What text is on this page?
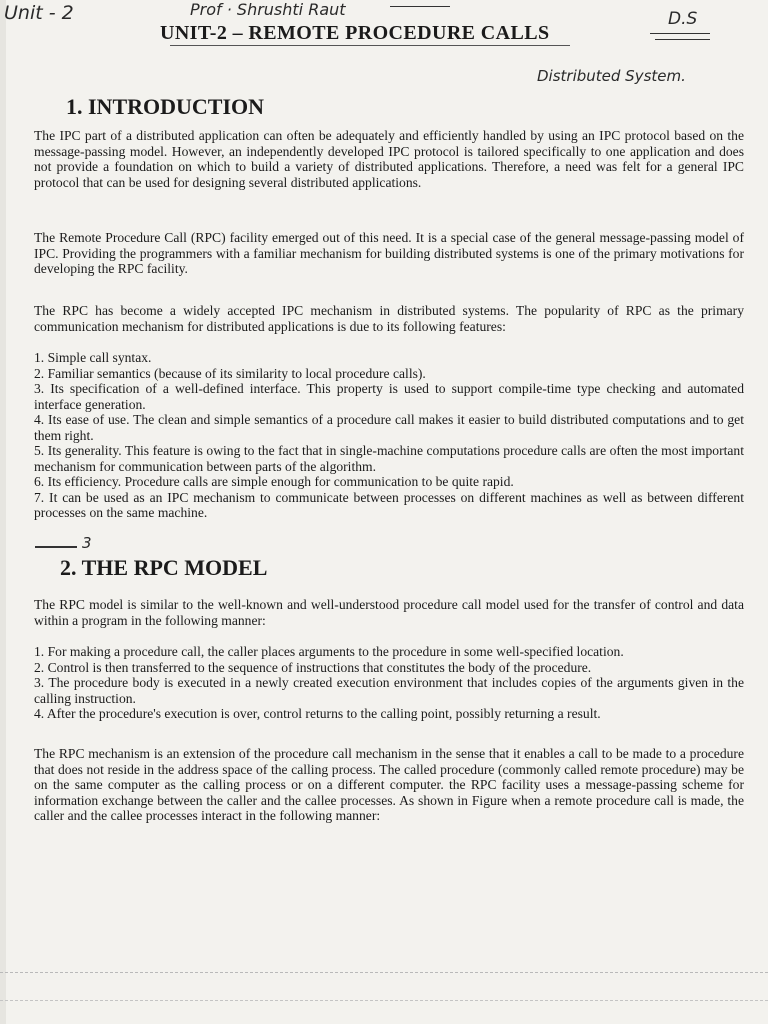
Unit - 2	Prof · Shrushti Raut	D.S
UNIT-2 – REMOTE PROCEDURE CALLS
Distributed System.
1. INTRODUCTION
The IPC part of a distributed application can often be adequately and efficiently handled by using an IPC protocol based on the message-passing model. However, an independently developed IPC protocol is tailored specifically to one application and does not provide a foundation on which to build a variety of distributed applications. Therefore, a need was felt for a general IPC protocol that can be used for designing several distributed applications.
The Remote Procedure Call (RPC) facility emerged out of this need. It is a special case of the general message-passing model of IPC. Providing the programmers with a familiar mechanism for building distributed systems is one of the primary motivations for developing the RPC facility.
The RPC has become a widely accepted IPC mechanism in distributed systems. The popularity of RPC as the primary communication mechanism for distributed applications is due to its following features:

1. Simple call syntax.

2. Familiar semantics (because of its similarity to local procedure calls).

3. Its specification of a well-defined interface. This property is used to support compile-time type checking and automated interface generation.

4. Its ease of use. The clean and simple semantics of a procedure call makes it easier to build distributed computations and to get them right.

5. Its generality. This feature is owing to the fact that in single-machine computations procedure calls are often the most important mechanism for communication between parts of the algorithm.

6. Its efficiency. Procedure calls are simple enough for communication to be quite rapid.

7. It can be used as an IPC mechanism to communicate between processes on different machines as well as between different processes on the same machine.

3
2. THE RPC MODEL
The RPC model is similar to the well-known and well-understood procedure call model used for the transfer of control and data within a program in the following manner:

1. For making a procedure call, the caller places arguments to the procedure in some well-specified location.

2. Control is then transferred to the sequence of instructions that constitutes the body of the procedure.

3. The procedure body is executed in a newly created execution environment that includes copies of the arguments given in the calling instruction.

4. After the procedure's execution is over, control returns to the calling point, possibly returning a result.

The RPC mechanism is an extension of the procedure call mechanism in the sense that it enables a call to be made to a procedure that does not reside in the address space of the calling process. The called procedure (commonly called remote procedure) may be on the same computer as the calling process or on a different computer. the RPC facility uses a message-passing scheme for information exchange between the caller and the callee processes. As shown in Figure when a remote procedure call is made, the caller and the callee processes interact in the following manner:
